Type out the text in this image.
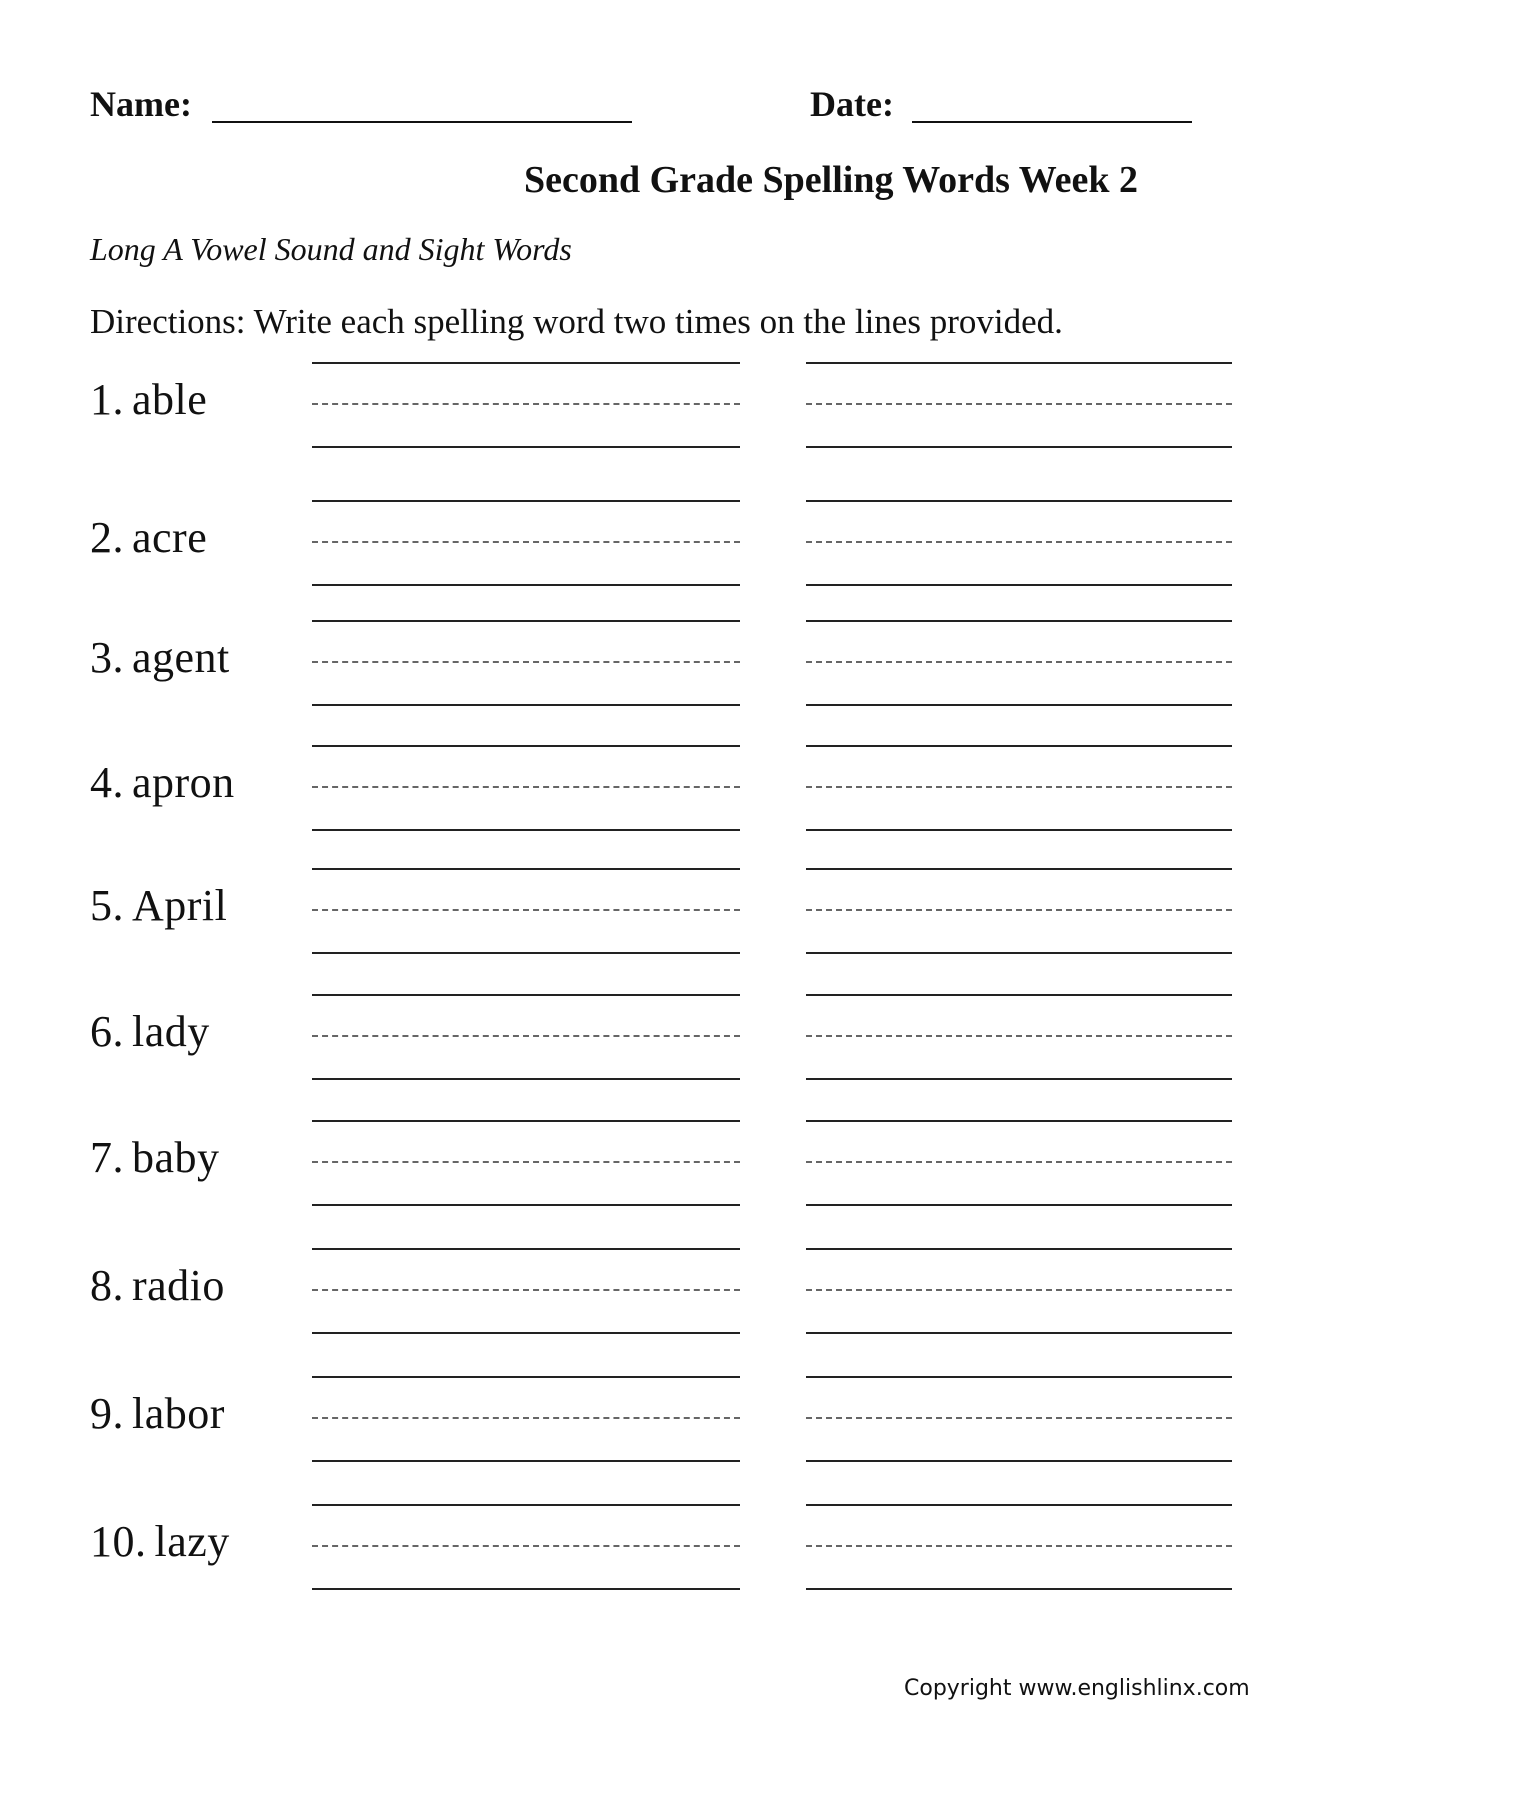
Name:	Date:
Second Grade Spelling Words Week 2
Long A Vowel Sound and Sight Words
Directions: Write each spelling word two times on the lines provided.
1. able
2. acre
3. agent
4. apron
5. April
6. lady
7. baby
8. radio
9. labor
10. lazy
Copyright www.englishlinx.com
